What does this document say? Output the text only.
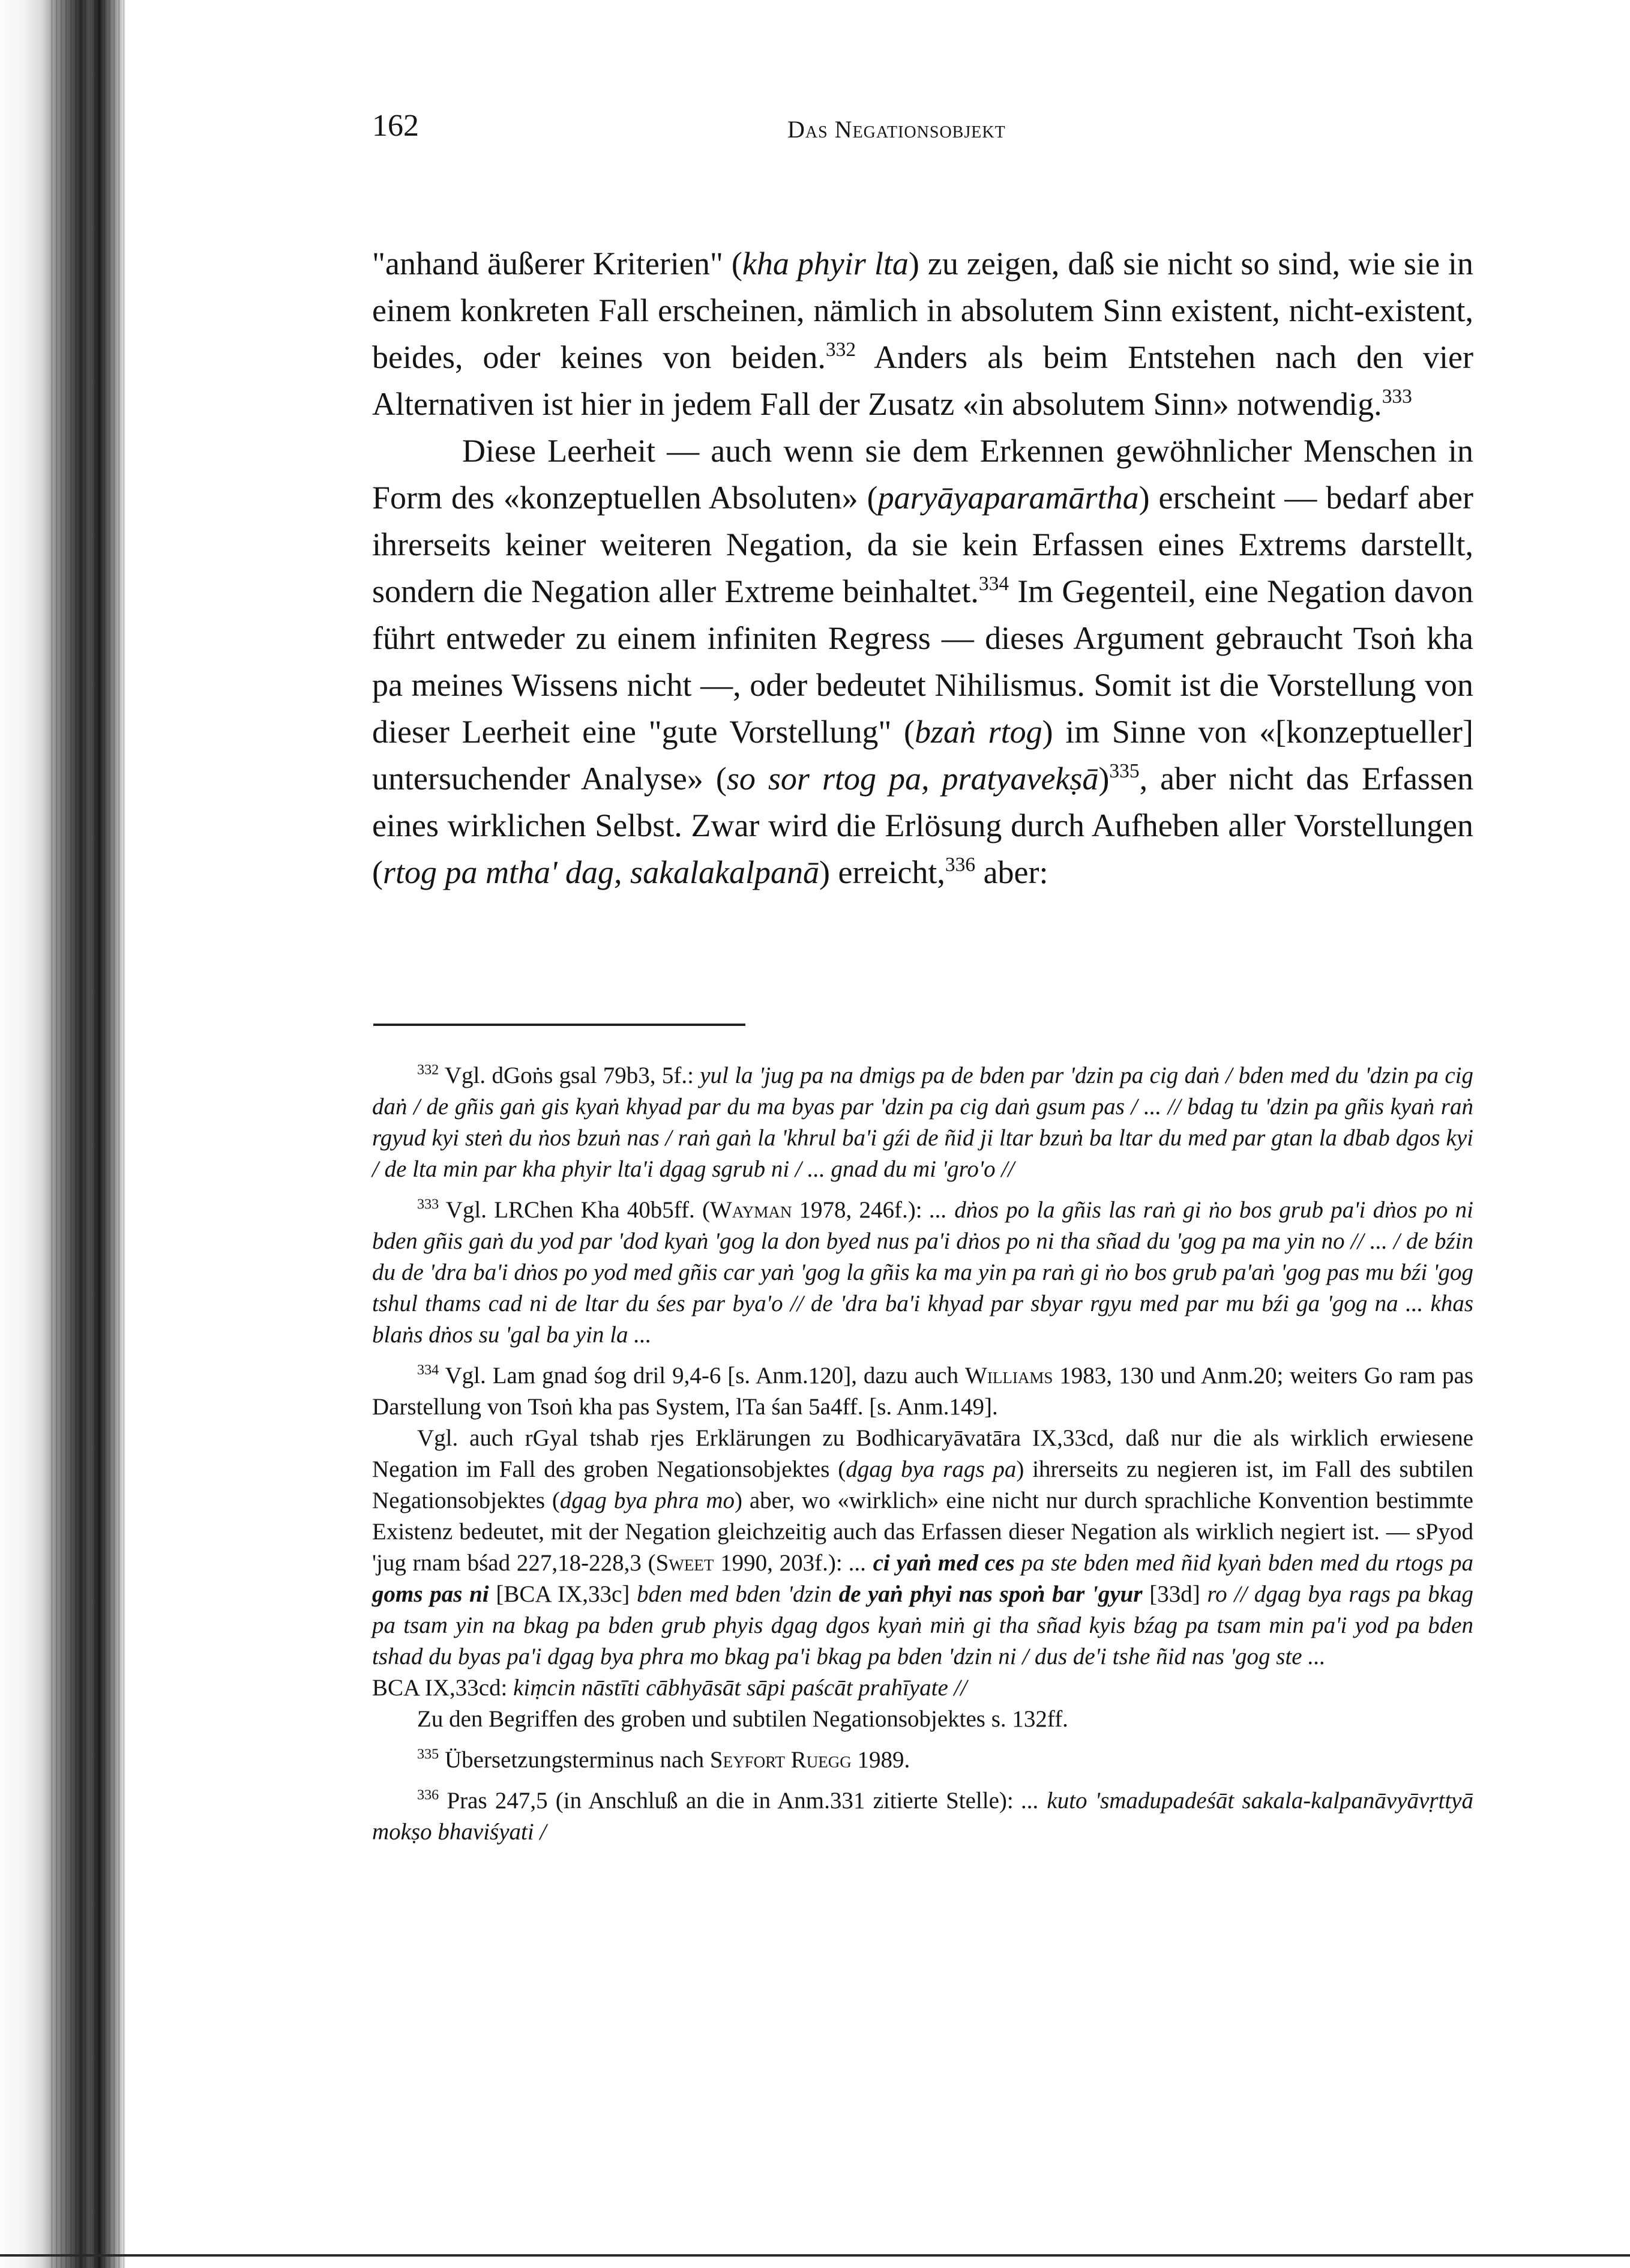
162	Das Negationsobjekt

"anhand äußerer Kriterien" (kha phyir lta) zu zeigen, daß sie nicht so sind, wie sie in einem konkreten Fall erscheinen, nämlich in absolutem Sinn existent, nicht-existent, beides, oder keines von beiden.$^{332}$ Anders als beim Entstehen nach den vier Alternativen ist hier in jedem Fall der Zusatz «in absolutem Sinn» notwendig.$^{333}$

Diese Leerheit — auch wenn sie dem Erkennen gewöhnlicher Menschen in Form des «konzeptuellen Absoluten» (paryāyaparamārtha) erscheint — bedarf aber ihrerseits keiner weiteren Negation, da sie kein Erfassen eines Extrems darstellt, sondern die Negation aller Extreme beinhaltet.$^{334}$ Im Gegenteil, eine Negation davon führt entweder zu einem infiniten Regress — dieses Argument gebraucht Tsoṅ kha pa meines Wissens nicht —, oder bedeutet Nihilismus. Somit ist die Vorstellung von dieser Leerheit eine "gute Vorstellung" (bzaṅ rtog) im Sinne von «[konzeptueller] untersuchender Analyse» (so sor rtog pa, pratyavekṣā)$^{335}$, aber nicht das Erfassen eines wirklichen Selbst. Zwar wird die Erlösung durch Aufheben aller Vorstellungen (rtog pa mtha' dag, sakalakalpanā) erreicht,$^{336}$ aber:

$^{332}$ Vgl. dGoṅs gsal 79b3, 5f.: yul la 'jug pa na dmigs pa de bden par 'dzin pa cig daṅ / bden med du 'dzin pa cig daṅ / de gñis gaṅ gis kyaṅ khyad par du ma byas par 'dzin pa cig daṅ gsum pas / ... // bdag tu 'dzin pa gñis kyaṅ raṅ rgyud kyi steṅ du ṅos bzuṅ nas / raṅ gaṅ la 'khrul ba'i gźi de ñid ji ltar bzuṅ ba ltar du med par gtan la dbab dgos kyi / de lta min par kha phyir lta'i dgag sgrub ni / ... gnad du mi 'gro'o //

$^{333}$ Vgl. LRChen Kha 40b5ff. (Wayman 1978, 246f.): ... dṅos po la gñis las raṅ gi ṅo bos grub pa'i dṅos po ni bden gñis gaṅ du yod par 'dod kyaṅ 'gog la don byed nus pa'i dṅos po ni tha sñad du 'gog pa ma yin no // ... / de bźin du de 'dra ba'i dṅos po yod med gñis car yaṅ 'gog la gñis ka ma yin pa raṅ gi ṅo bos grub pa'aṅ 'gog pas mu bźi 'gog tshul thams cad ni de ltar du śes par bya'o // de 'dra ba'i khyad par sbyar rgyu med par mu bźi ga 'gog na ... khas blaṅs dṅos su 'gal ba yin la ...

$^{334}$ Vgl. Lam gnad śog dril 9,4-6 [s. Anm.120], dazu auch Williams 1983, 130 und Anm.20; weiters Go ram pas Darstellung von Tsoṅ kha pas System, lTa śan 5a4ff. [s. Anm.149].

Vgl. auch rGyal tshab rjes Erklärungen zu Bodhicaryāvatāra IX,33cd, daß nur die als wirklich erwiesene Negation im Fall des groben Negationsobjektes (dgag bya rags pa) ihrerseits zu negieren ist, im Fall des subtilen Negationsobjektes (dgag bya phra mo) aber, wo «wirklich» eine nicht nur durch sprachliche Konvention bestimmte Existenz bedeutet, mit der Negation gleichzeitig auch das Erfassen dieser Negation als wirklich negiert ist. — sPyod 'jug rnam bśad 227,18-228,3 (Sweet 1990, 203f.): ... ci yaṅ med ces pa ste bden med ñid kyaṅ bden med du rtogs pa goms pas ni [BCA IX,33c] bden med bden 'dzin de yaṅ phyi nas spoṅ bar 'gyur [33d] ro // dgag bya rags pa bkag pa tsam yin na bkag pa bden grub phyis dgag dgos kyaṅ miṅ gi tha sñad kyis bźag pa tsam min pa'i yod pa bden tshad du byas pa'i dgag bya phra mo bkag pa'i bkag pa bden 'dzin ni / dus de'i tshe ñid nas 'gog ste ...

BCA IX,33cd: kiṃcin nāstīti cābhyāsāt sāpi paścāt prahīyate //

Zu den Begriffen des groben und subtilen Negationsobjektes s. 132ff.

$^{335}$ Übersetzungsterminus nach Seyfort Ruegg 1989.

$^{336}$ Pras 247,5 (in Anschluß an die in Anm.331 zitierte Stelle): ... kuto 'smadupadeśāt sakala-kalpanāvyāvṛttyā mokṣo bhaviśyati /
